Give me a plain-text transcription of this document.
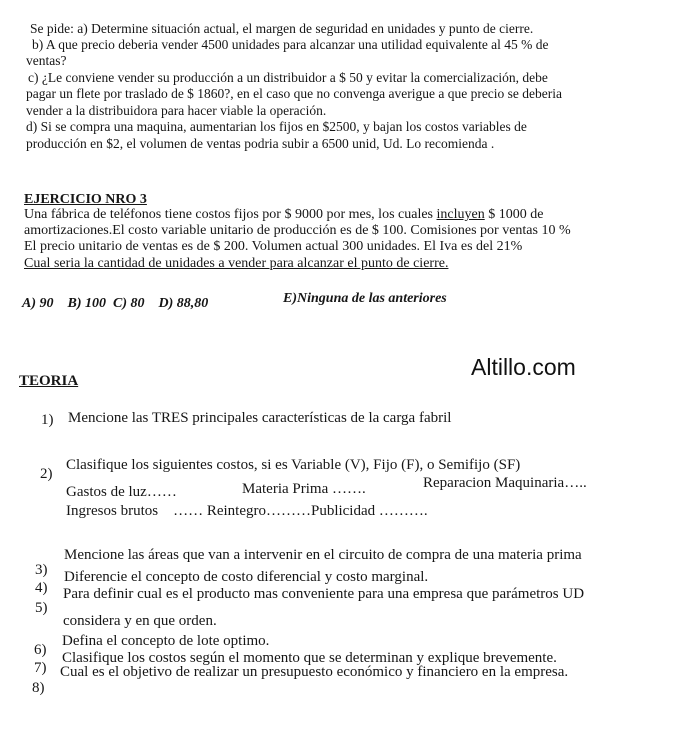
Se pide: a) Determine situación actual, el margen de seguridad en unidades y punto de cierre.
b) A que precio deberia vender 4500 unidades para alcanzar una utilidad equivalente al 45 % de
ventas?
c) ¿Le conviene vender su producción a un distribuidor a $ 50 y evitar la comercialización, debe
pagar un flete por traslado de $ 1860?, en el caso que no convenga averigue a que precio se deberia
vender a la distribuidora para hacer viable la operación.
d) Si se compra una maquina, aumentarian los fijos en $2500, y bajan los costos variables de
producción en $2, el volumen de ventas podria subir a 6500 unid, Ud. Lo recomienda .
EJERCICIO NRO 3
Una fábrica de teléfonos tiene costos fijos por $ 9000 por mes, los cuales incluyen $ 1000 de
amortizaciones.El costo variable unitario de producción es de $ 100. Comisiones por ventas 10 %
El precio unitario de ventas es de $ 200. Volumen actual 300 unidades. El Iva es del 21%
Cual seria la cantidad de unidades a vender para alcanzar el punto de cierre.
A) 90    B) 100  C) 80    D) 88,80	E)Ninguna de las anteriores
Altillo.com
TEORIA
1) Mencione las TRES principales características de la carga fabril
2)
Clasifique los siguientes costos, si es Variable (V), Fijo (F), o Semifijo (SF)
Gastos de luz……	Materia Prima …….	Reparacion Maquinaria…..
Ingresos brutos    …… Reintegro………Publicidad ……….
3)
Mencione las áreas que van a intervenir en el circuito de compra de una materia prima
4)
Diferencie el concepto de costo diferencial y costo marginal.
5)
Para definir cual es el producto mas conveniente para una empresa que parámetros UD
considera y en que orden.
6)
Defina el concepto de lote optimo.
7)
Clasifique los costos según el momento que se determinan y explique brevemente.
8)
Cual es el objetivo de realizar un presupuesto económico y financiero en la empresa.
